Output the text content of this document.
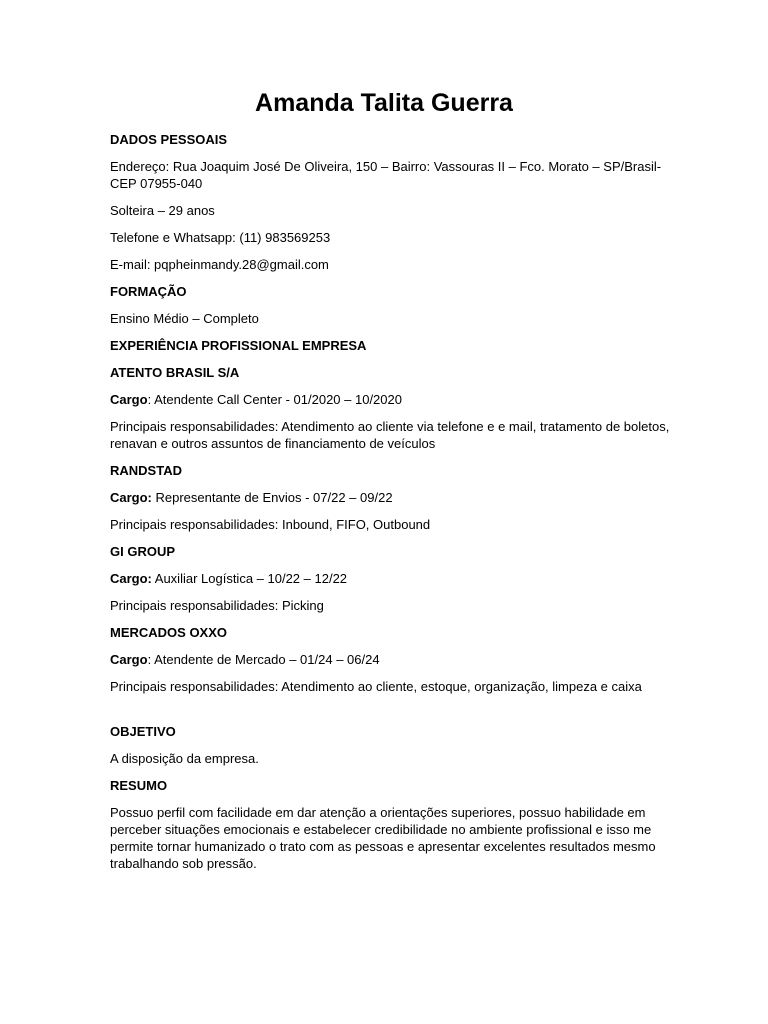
Amanda Talita Guerra

DADOS PESSOAIS

Endereço: Rua Joaquim José De Oliveira, 150 – Bairro: Vassouras II – Fco. Morato – SP/Brasil- CEP 07955-040

Solteira – 29 anos

Telefone e Whatsapp: (11) 983569253

E-mail: pqpheinmandy.28@gmail.com

FORMAÇÃO

Ensino Médio – Completo

EXPERIÊNCIA PROFISSIONAL EMPRESA

ATENTO BRASIL S/A

Cargo: Atendente Call Center - 01/2020 – 10/2020

Principais responsabilidades: Atendimento ao cliente via telefone e e mail, tratamento de boletos, renavan e outros assuntos de financiamento de veículos

RANDSTAD

Cargo: Representante de Envios - 07/22 – 09/22

Principais responsabilidades: Inbound, FIFO, Outbound

GI GROUP

Cargo: Auxiliar Logística – 10/22 – 12/22

Principais responsabilidades: Picking

MERCADOS OXXO

Cargo: Atendente de Mercado – 01/24 – 06/24

Principais responsabilidades: Atendimento ao cliente, estoque, organização, limpeza e caixa

OBJETIVO

A disposição da empresa.

RESUMO

Possuo perfil com facilidade em dar atenção a orientações superiores, possuo habilidade em perceber situações emocionais e estabelecer credibilidade no ambiente profissional e isso me permite tornar humanizado o trato com as pessoas e apresentar excelentes resultados mesmo trabalhando sob pressão.
